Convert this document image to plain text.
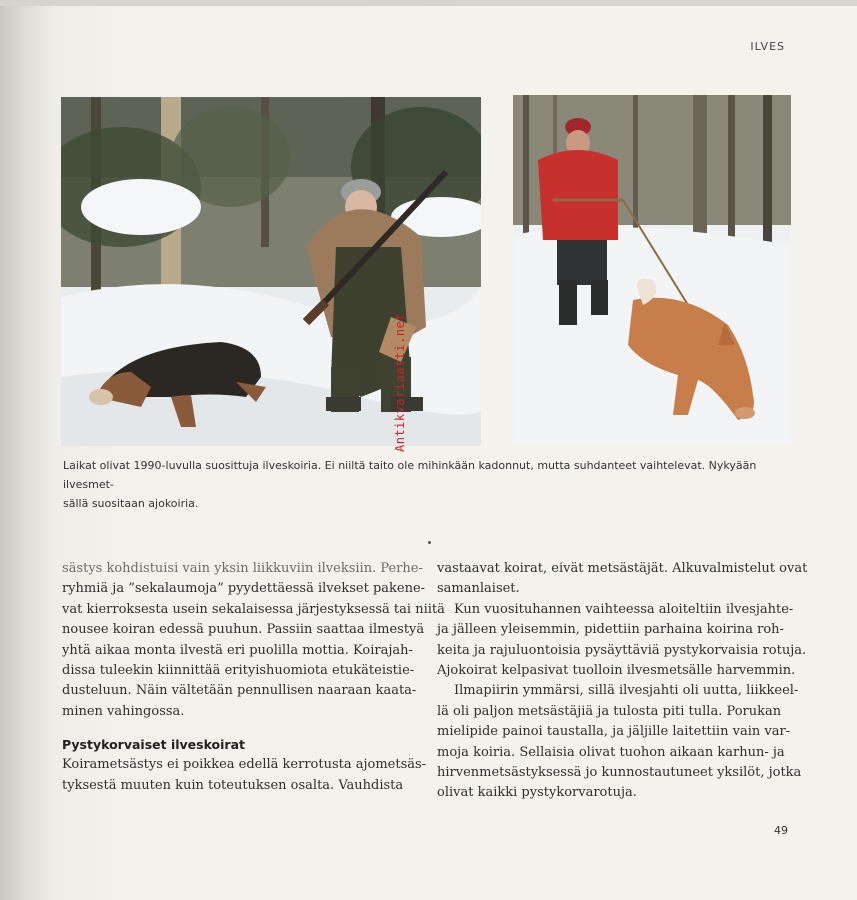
ILVES

Laikat olivat 1990-luvulla suosittuja ilveskoiria. Ei niiltä taito ole mihinkään kadonnut, mutta suhdanteet vaihtelevat. Nykyään ilvesmet-
sällä suositaan ajokoiria.

Antikvariaatti.net

sästys kohdistuisi vain yksin liikkuviin ilveksiin. Perhe-
ryhmiä ja ”sekalaumoja” pyydettäessä ilvekset pakene-
vat kierroksesta usein sekalaisessa järjestyksessä tai niitä
nousee koiran edessä puuhun. Passiin saattaa ilmestyä
yhtä aikaa monta ilvestä eri puolilla mottia. Koirajah-
dissa tuleekin kiinnittää erityishuomiota etukäteistie-
dusteluun. Näin vältetään pennullisen naaraan kaata-
minen vahingossa.

Pystykorvaiset ilveskoirat

Koirametsästys ei poikkea edellä kerrotusta ajometsäs-
tyksestä muuten kuin toteutuksen osalta. Vauhdista

vastaavat koirat, eivät metsästäjät. Alkuvalmistelut ovat
samanlaiset.

Kun vuosituhannen vaihteessa aloiteltiin ilvesjahte-
ja jälleen yleisemmin, pidettiin parhaina koirina roh-
keita ja rajuluontoisia pysäyttäviä pystykorvaisia rotuja.
Ajokoirat kelpasivat tuolloin ilvesmetsälle harvemmin.

Ilmapiirin ymmärsi, sillä ilvesjahti oli uutta, liikkeel-
lä oli paljon metsästäjiä ja tulosta piti tulla. Porukan
mielipide painoi taustalla, ja jäljille laitettiin vain var-
moja koiria. Sellaisia olivat tuohon aikaan karhun- ja
hirvenmetsästyksessä jo kunnostautuneet yksilöt, jotka
olivat kaikki pystykorvarotuja.

49
